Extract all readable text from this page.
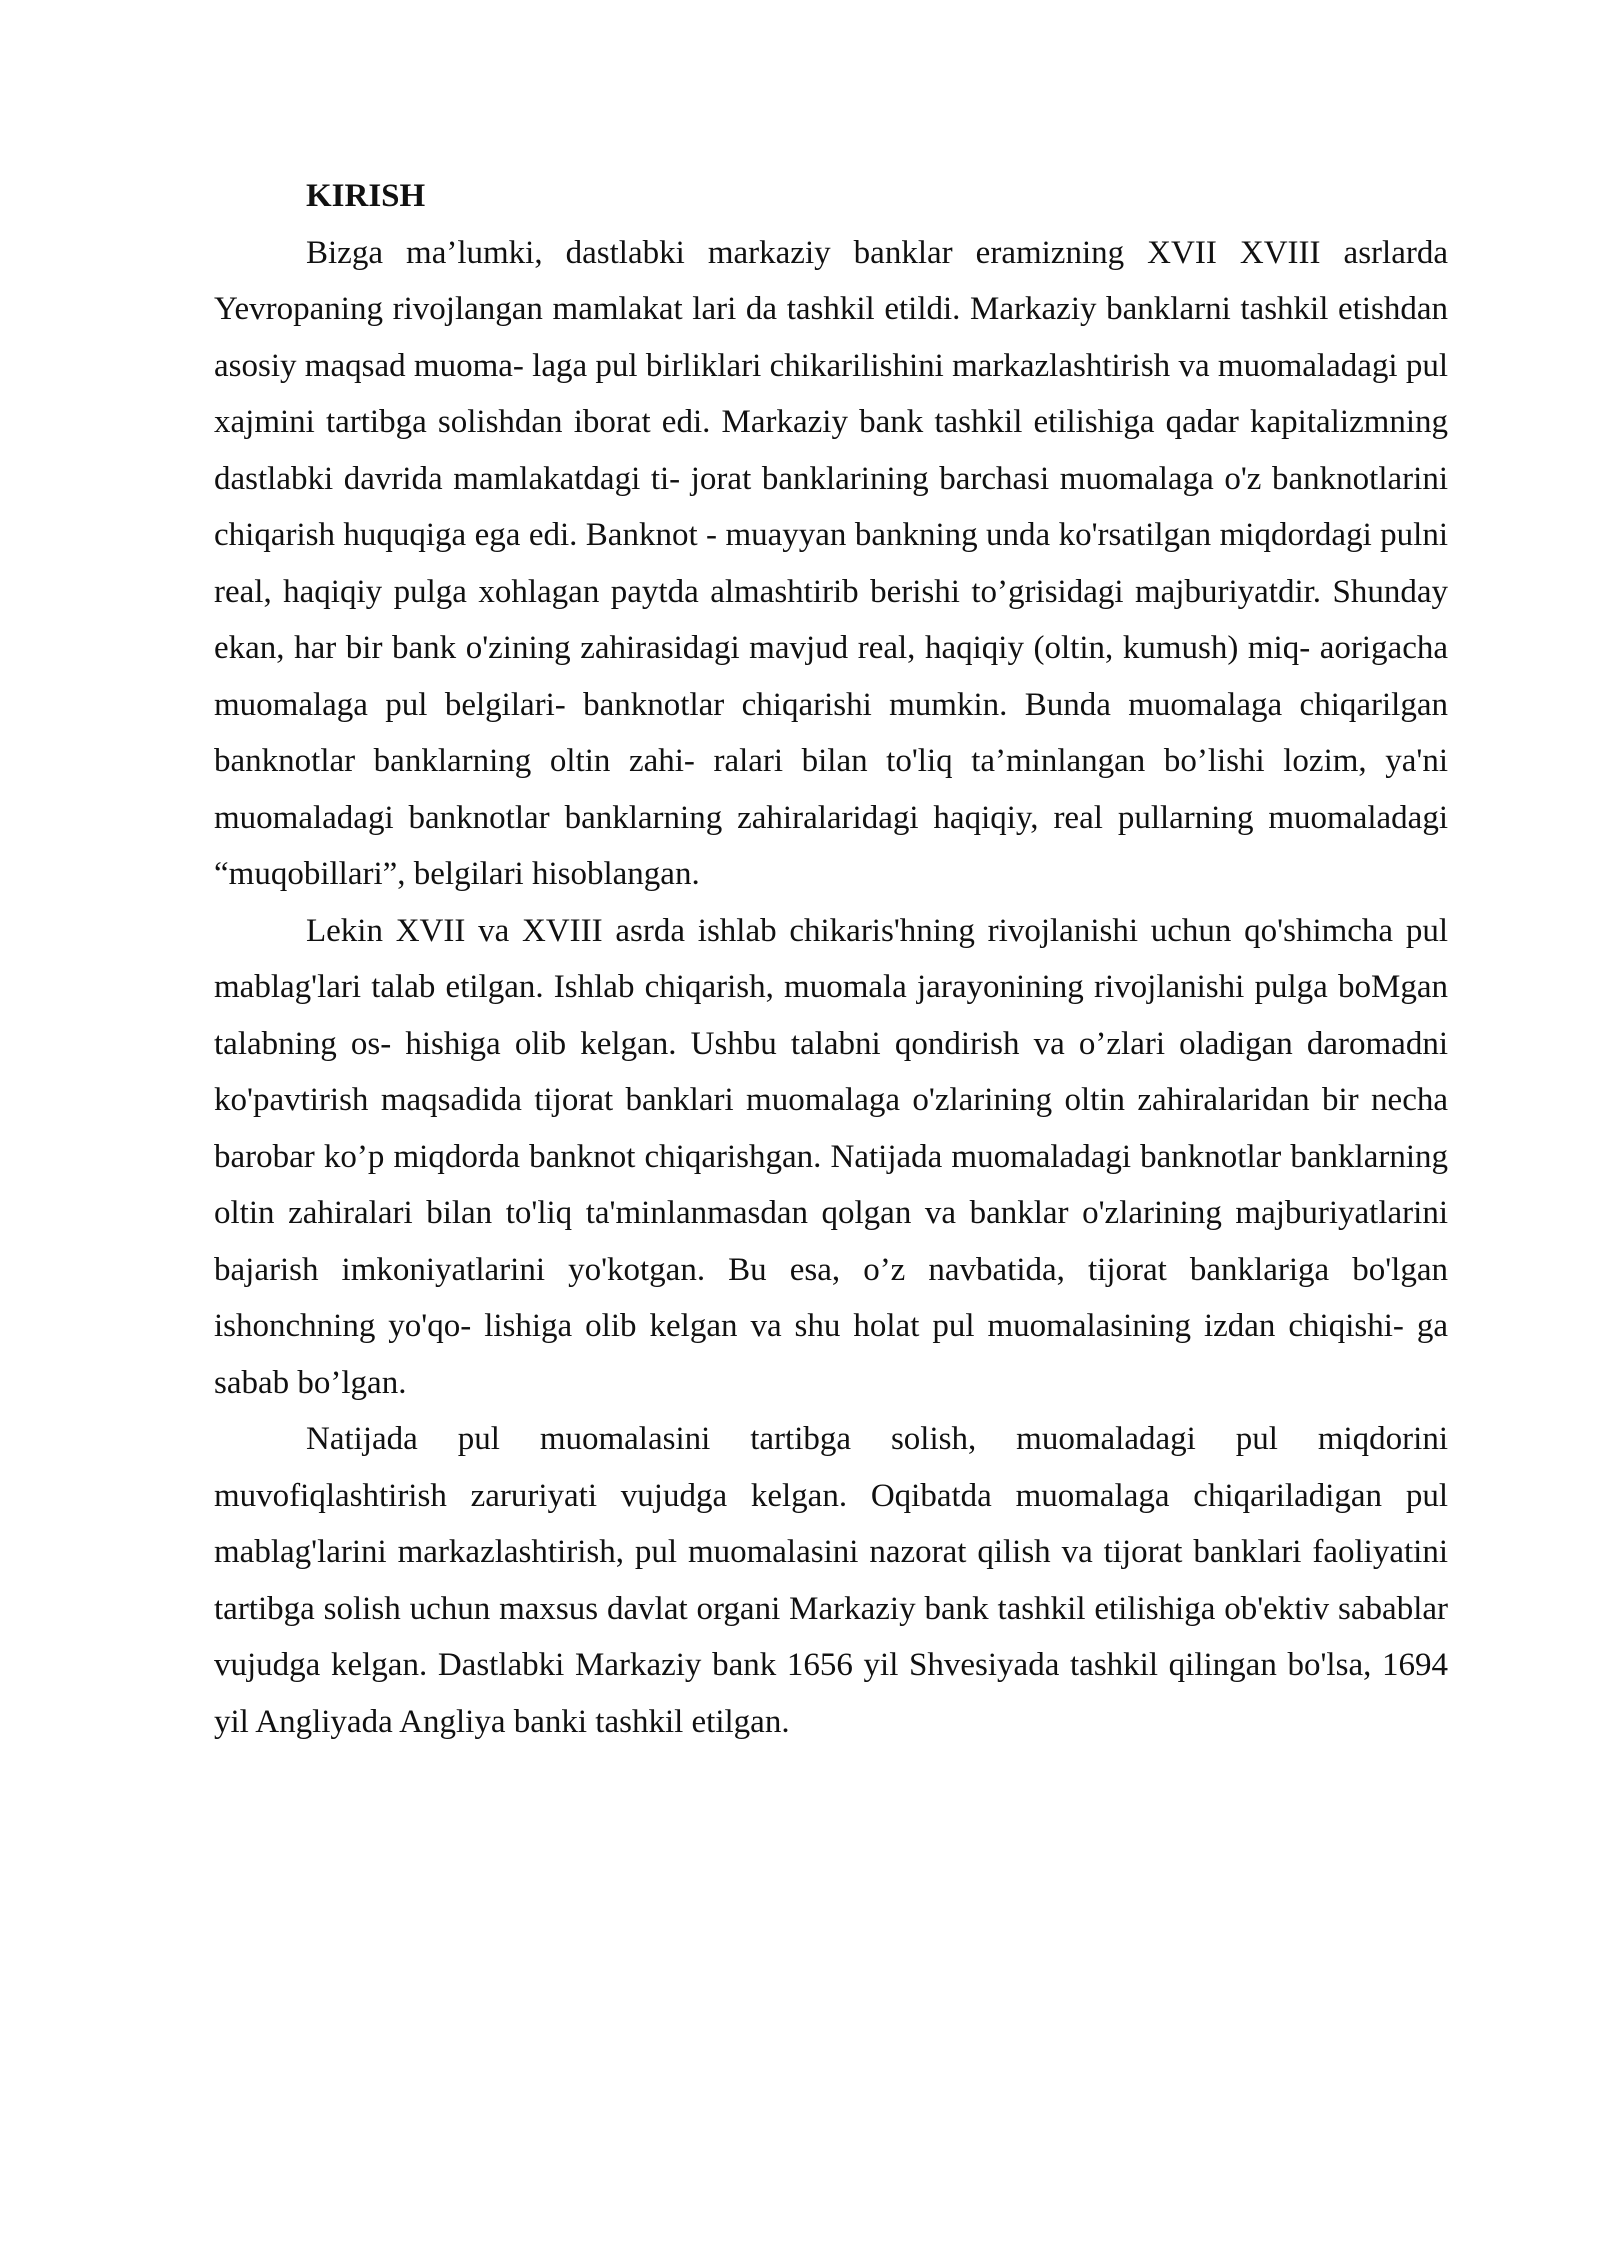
KIRISH

Bizga ma’lumki, dastlabki markaziy banklar eramizning XVII XVIII asrlarda Yevropaning rivojlangan mamlakat lari da tashkil etildi. Markaziy banklarni tashkil etishdan asosiy maqsad muoma- laga pul birliklari chikarilishini markazlashtirish va muomaladagi pul xajmini tartibga solishdan iborat edi. Markaziy bank tashkil etilishiga qadar kapitalizmning dastlabki davrida mamlakatdagi ti- jorat banklarining barchasi muomalaga o'z banknotlarini chiqarish huquqiga ega edi. Banknot - muayyan bankning unda ko'rsatilgan miqdordagi pulni real, haqiqiy pulga xohlagan paytda almashtirib berishi to’grisidagi majburiyatdir. Shunday ekan, har bir bank o'zining zahirasidagi mavjud real, haqiqiy (oltin, kumush) miq- aorigacha muomalaga pul belgilari- banknotlar chiqarishi mumkin. Bunda muomalaga chiqarilgan banknotlar banklarning oltin zahi- ralari bilan to'liq ta’minlangan bo’lishi lozim, ya'ni muomaladagi banknotlar banklarning zahiralaridagi haqiqiy, real pullarning muomaladagi “muqobillari”, belgilari hisoblangan.

Lekin XVII va XVIII asrda ishlab chikaris'hning rivojlanishi uchun qo'shimcha pul mablag'lari talab etilgan. Ishlab chiqarish, muomala jarayonining rivojlanishi pulga boMgan talabning os- hishiga olib kelgan. Ushbu talabni qondirish va o’zlari oladigan daromadni ko'pavtirish maqsadida tijorat banklari muomalaga o'zlarining oltin zahiralaridan bir necha barobar ko’p miqdorda banknot chiqarishgan. Natijada muomaladagi banknotlar banklarning oltin zahiralari bilan to'liq ta'minlanmasdan qolgan va banklar o'zlarining majburiyatlarini bajarish imkoniyatlarini yo'kotgan. Bu esa, o’z navbatida, tijorat banklariga bo'lgan ishonchning yo'qo- lishiga olib kelgan va shu holat pul muomalasining izdan chiqishi- ga sabab bo’lgan.

Natijada pul muomalasini tartibga solish, muomaladagi pul miqdorini muvofiqlashtirish zaruriyati vujudga kelgan. Oqibatda muomalaga chiqariladigan pul mablag'larini markazlashtirish, pul muomalasini nazorat qilish va tijorat banklari faoliyatini tartibga solish uchun maxsus davlat organi Markaziy bank tashkil etilishiga ob'ektiv sabablar vujudga kelgan. Dastlabki Markaziy bank 1656 yil Shvesiyada tashkil qilingan bo'lsa, 1694 yil Angliyada Angliya banki tashkil etilgan.
